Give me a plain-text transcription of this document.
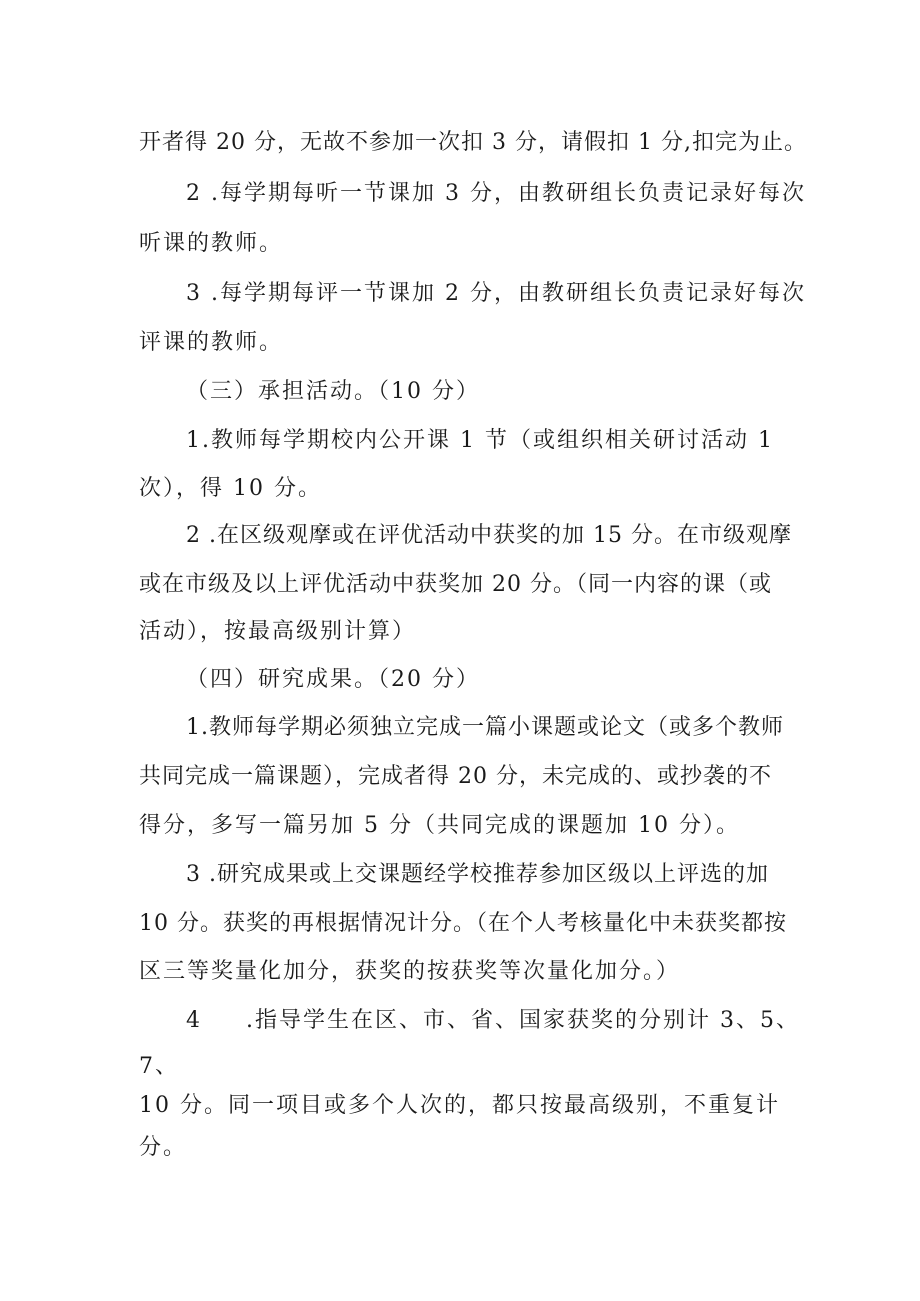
开者得 20 分，无故不参加一次扣 3 分，请假扣 1 分,扣完为止。
2 .每学期每听一节课加 3 分，由教研组长负责记录好每次
听课的教师。
3 .每学期每评一节课加 2 分，由教研组长负责记录好每次
评课的教师。
（三）承担活动。（10 分）
1.教师每学期校内公开课 1 节（或组织相关研讨活动 1
次），得 10 分。
2 .在区级观摩或在评优活动中获奖的加 15 分。在市级观摩
或在市级及以上评优活动中获奖加 20 分。（同一内容的课（或
活动），按最高级别计算）
（四）研究成果。（20 分）
1.教师每学期必须独立完成一篇小课题或论文（或多个教师
共同完成一篇课题），完成者得 20 分，未完成的、或抄袭的不
得分，多写一篇另加 5 分（共同完成的课题加 10 分）。
3 .研究成果或上交课题经学校推荐参加区级以上评选的加
10 分。获奖的再根据情况计分。（在个人考核量化中未获奖都按
区三等奖量化加分，获奖的按获奖等次量化加分。）
4 .指导学生在区、市、省、国家获奖的分别计 3、5、
7、
10 分。同一项目或多个人次的，都只按最高级别，不重复计
分。
